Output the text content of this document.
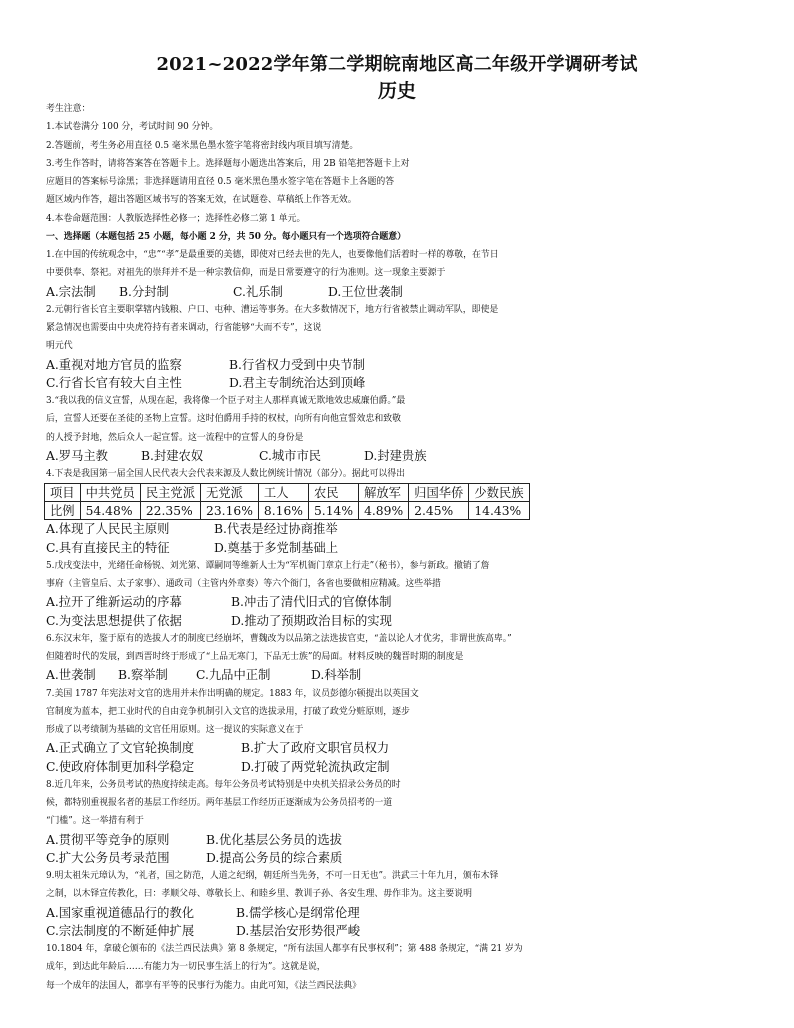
2021~2022学年第二学期皖南地区高二年级开学调研考试
历史
考生注意：
1.本试卷满分 100 分，考试时间 90 分钟。
2.答题前，考生务必用直径 0.5 毫米黑色墨水签字笔将密封线内项目填写清楚。
3.考生作答时，请将答案答在答题卡上。选择题每小题选出答案后，用 2B 铅笔把答题卡上对
应题目的答案标号涂黑；非选择题请用直径 0.5 毫米黑色墨水签字笔在答题卡上各题的答
题区域内作答，超出答题区域书写的答案无效，在试题卷、草稿纸上作答无效。
4.本卷命题范围：人教版选择性必修一；选择性必修二第 1 单元。
一、选择题（本题包括 25 小题，每小题 2 分，共 50 分。每小题只有一个选项符合题意）
1.在中国的传统观念中，“忠”“孝”是最重要的美德，即使对已经去世的先人，也要像他们活着时一样的尊敬，在节日
中要供奉、祭祀。对祖先的崇拜并不是一种宗教信仰，而是日常要遵守的行为准则。这一现象主要源于
A.宗法制 B.分封制	C.礼乐制	D.王位世袭制
2.元朝行省长官主要职掌辖内钱粮、户口、屯种、漕运等事务。在大多数情况下，地方行省被禁止调动军队，即使是
紧急情况也需要由中央虎符持有者来调动，行省能够“大而不专”，这说
明元代
A.重视对地方官员的监察	B.行省权力受到中央节制
C.行省长官有较大自主性	D.君主专制统治达到顶峰
3.“我以我的信义宣誓，从现在起，我将像一个臣子对主人那样真诚无欺地效忠威廉伯爵。”最
后，宣誓人还要在圣徒的圣物上宣誓。这时伯爵用手持的权杖，向所有向他宣誓效忠和致敬
的人授予封地，然后众人一起宣誓。这一流程中的宣誓人的身份是
A.罗马主教	B.封建农奴	C.城市市民	D.封建贵族
4.下表是我国第一届全国人民代表大会代表来源及人数比例统计情况（部分）。据此可以得出
项目	中共党员	民主党派	无党派	工人	农民	解放军	归国华侨	少数民族
比例	54.48%	22.35%	23.16%	8.16%	5.14%	4.89%	2.45%	14.43%
A.体现了人民民主原则	B.代表是经过协商推举
C.具有直接民主的特征	D.奠基于多党制基础上
5.戊戌变法中，光绪任命杨锐、刘光第、谭嗣同等维新人士为“军机衙门章京上行走”（秘书），参与新政。撤销了詹
事府（主管皇后、太子家事）、通政司（主管内外章奏）等六个衙门，各省也要做相应精减。这些举措
A.拉开了维新运动的序幕	B.冲击了清代旧式的官僚体制
C.为变法思想提供了依据	D.推动了预期政治目标的实现
6.东汉末年，鉴于原有的选拔人才的制度已经崩坏，曹魏改为以品第之法选拔官吏，“盖以论人才优劣，非谓世族高卑。”
但随着时代的发展，到西晋时终于形成了“上品无寒门，下品无士族”的局面。材料反映的魏晋时期的制度是
A.世袭制 B.察举制 C.九品中正制	D.科举制
7.美国 1787 年宪法对文官的选用并未作出明确的规定。1883 年，议员彭德尔顿提出以英国文
官制度为蓝本，把工业时代的自由竞争机制引入文官的选拔录用，打破了政党分赃原则，逐步
形成了以考绩制为基础的文官任用原则。这一提议的实际意义在于
A.正式确立了文官轮换制度	B.扩大了政府文职官员权力
C.使政府体制更加科学稳定	D.打破了两党轮流执政定制
8.近几年来，公务员考试的热度持续走高。每年公务员考试特别是中央机关招录公务员的时
候，都特别重视报名者的基层工作经历。两年基层工作经历正逐渐成为公务员招考的一道
“门槛”。这一举措有利于
A.贯彻平等竞争的原则	B.优化基层公务员的选拔
C.扩大公务员考录范围	D.提高公务员的综合素质
9.明太祖朱元璋认为，“礼者，国之防范，人道之纪纲，朝廷所当先务，不可一日无也”。洪武三十年九月，颁布木铎
之制，以木铎宣传教化，曰：孝顺父母、尊敬长上、和睦乡里、教训子孙、各安生理、毋作非为。这主要说明
A.国家重视道德品行的教化	B.儒学核心是纲常伦理
C.宗法制度的不断延伸扩展	D.基层治安形势很严峻
10.1804 年，拿破仑颁布的《法兰西民法典》第 8 条规定，“所有法国人都享有民事权利”；第 488 条规定，“满 21 岁为
成年，到达此年龄后……有能力为一切民事生活上的行为”。这就是说，
每一个成年的法国人，都享有平等的民事行为能力。由此可知，《法兰西民法典》
